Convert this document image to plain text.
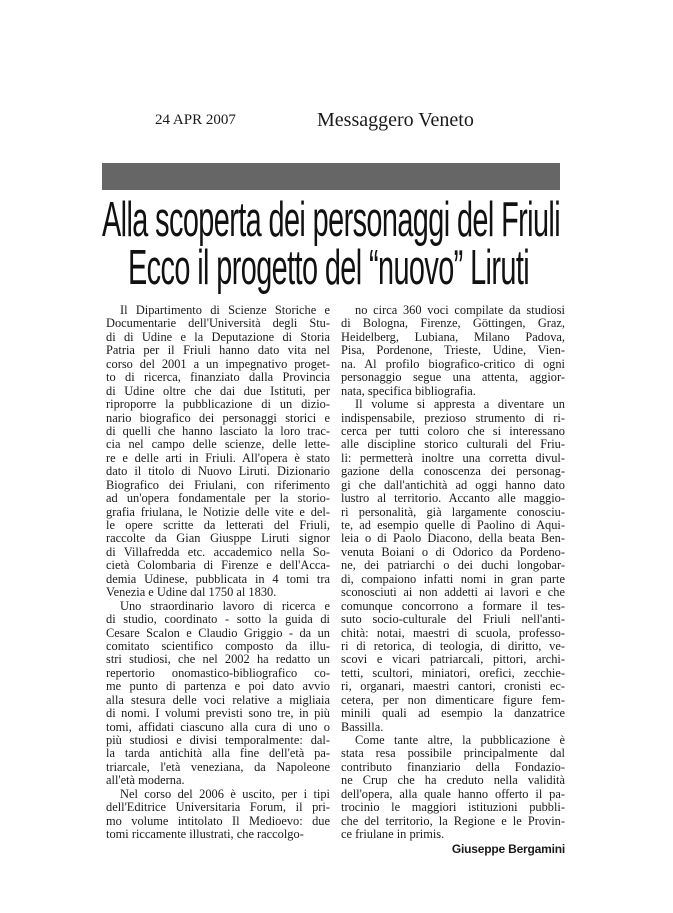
24 APR 2007	Messaggero Veneto
Alla scoperta dei personaggi del Friuli
Ecco il progetto del “nuovo” Liruti
Il Dipartimento di Scienze Storiche e
Documentarie dell'Università degli Stu-
di di Udine e la Deputazione di Storia
Patria per il Friuli hanno dato vita nel
corso del 2001 a un impegnativo proget-
to di ricerca, finanziato dalla Provincia
di Udine oltre che dai due Istituti, per
riproporre la pubblicazione di un dizio-
nario biografico dei personaggi storici e
di quelli che hanno lasciato la loro trac-
cia nel campo delle scienze, delle lette-
re e delle arti in Friuli. All'opera è stato
dato il titolo di Nuovo Liruti. Dizionario
Biografico dei Friulani, con riferimento
ad un'opera fondamentale per la storio-
grafia friulana, le Notizie delle vite e del-
le opere scritte da letterati del Friuli,
raccolte da Gian Giusppe Liruti signor
di Villafredda etc. accademico nella So-
cietà Colombaria di Firenze e dell'Acca-
demia Udinese, pubblicata in 4 tomi tra
Venezia e Udine dal 1750 al 1830.
Uno straordinario lavoro di ricerca e
di studio, coordinato - sotto la guida di
Cesare Scalon e Claudio Griggio - da un
comitato scientifico composto da illu-
stri studiosi, che nel 2002 ha redatto un
repertorio onomastico-bibliografico co-
me punto di partenza e poi dato avvio
alla stesura delle voci relative a migliaia
di nomi. I volumi previsti sono tre, in più
tomi, affidati ciascuno alla cura di uno o
più studiosi e divisi temporalmente: dal-
la tarda antichità alla fine dell'età pa-
triarcale, l'età veneziana, da Napoleone
all'età moderna.
Nel corso del 2006 è uscito, per i tipi
dell'Editrice Universitaria Forum, il pri-
mo volume intitolato Il Medioevo: due
tomi riccamente illustrati, che raccolgo-
no circa 360 voci compilate da studiosi
di Bologna, Firenze, Göttingen, Graz,
Heidelberg, Lubiana, Milano Padova,
Pisa, Pordenone, Trieste, Udine, Vien-
na. Al profilo biografico-critico di ogni
personaggio segue una attenta, aggior-
nata, specifica bibliografia.
Il volume si appresta a diventare un
indispensabile, prezioso strumento di ri-
cerca per tutti coloro che si interessano
alle discipline storico culturali del Friu-
li: permetterà inoltre una corretta divul-
gazione della conoscenza dei personag-
gi che dall'antichità ad oggi hanno dato
lustro al territorio. Accanto alle maggio-
ri personalità, già largamente conosciu-
te, ad esempio quelle di Paolino di Aqui-
leia o di Paolo Diacono, della beata Ben-
venuta Boiani o di Odorico da Pordeno-
ne, dei patriarchi o dei duchi longobar-
di, compaiono infatti nomi in gran parte
sconosciuti ai non addetti ai lavori e che
comunque concorrono a formare il tes-
suto socio-culturale del Friuli nell'anti-
chità: notai, maestri di scuola, professo-
ri di retorica, di teologia, di diritto, ve-
scovi e vicari patriarcali, pittori, archi-
tetti, scultori, miniatori, orefici, zecchie-
ri, organari, maestri cantori, cronisti ec-
cetera, per non dimenticare figure fem-
minili quali ad esempio la danzatrice
Bassilla.
Come tante altre, la pubblicazione è
stata resa possibile principalmente dal
contributo finanziario della Fondazio-
ne Crup che ha creduto nella validità
dell'opera, alla quale hanno offerto il pa-
trocinio le maggiori istituzioni pubbli-
che del territorio, la Regione e le Provin-
ce friulane in primis.
Giuseppe Bergamini
